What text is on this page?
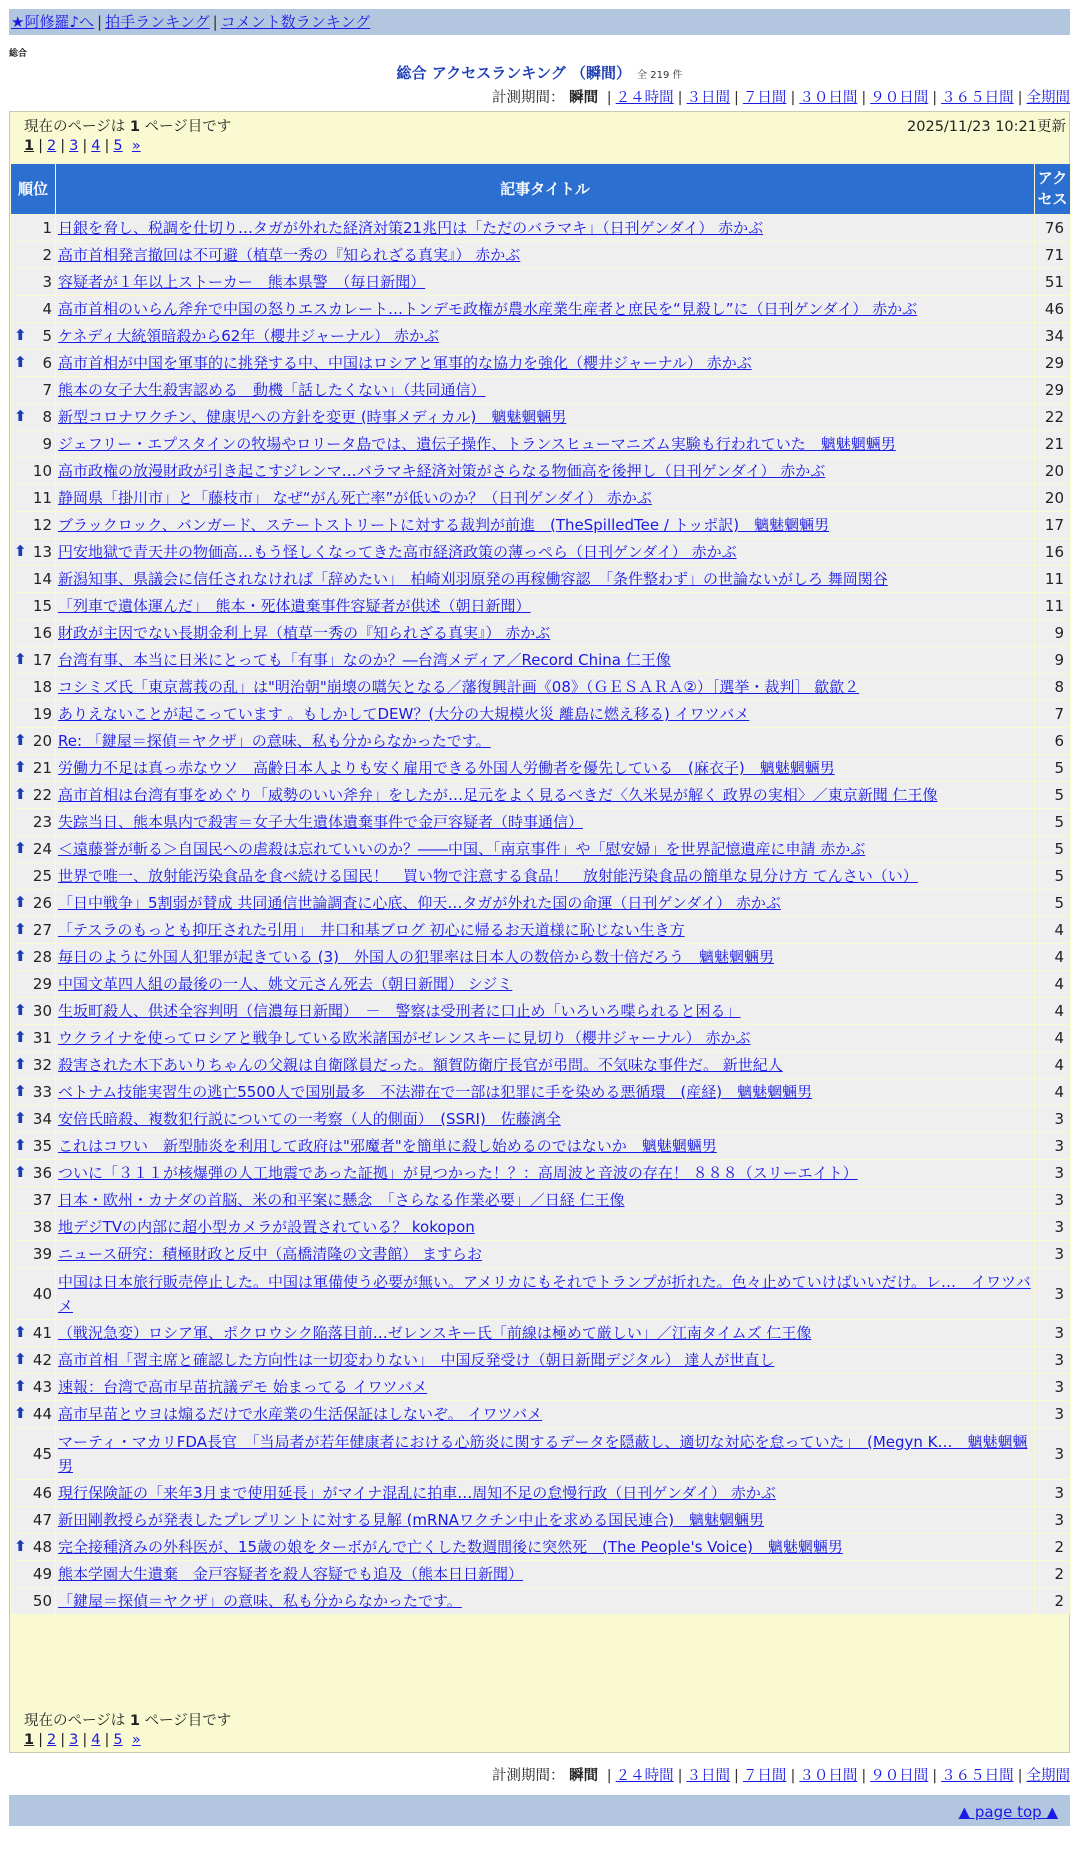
★阿修羅♪へ | 拍手ランキング | コメント数ランキング
総合
総合 アクセスランキング （瞬間） 全 219 件
計測期間： 瞬間 | ２４時間 | ３日間 | ７日間 | ３０日間 | ９０日間 | ３６５日間 | 全期間
現在のページは 1 ページ目です	2025/11/23 10:21更新
1 | 2 | 3 | 4 | 5 »
順位	記事タイトル	アクセス
1	日銀を脅し、税調を仕切り…タガが外れた経済対策21兆円は「ただのバラマキ」（日刊ゲンダイ） 赤かぶ	76
2	高市首相発言撤回は不可避（植草一秀の『知られざる真実』） 赤かぶ	71
3	容疑者が１年以上ストーカー　熊本県警　（毎日新聞）	51
4	高市首相のいらん斧弁で中国の怒りエスカレート…トンデモ政権が農水産業生産者と庶民を“見殺し”に（日刊ゲンダイ） 赤かぶ	46

⬆ 5	ケネディ大統領暗殺から62年（櫻井ジャーナル） 赤かぶ	34

⬆ 6	高市首相が中国を軍事的に挑発する中、中国はロシアと軍事的な協力を強化（櫻井ジャーナル） 赤かぶ	29
7	熊本の女子大生殺害認める　動機「話したくない」（共同通信）	29

⬆ 8	新型コロナワクチン、健康児への方針を変更 (時事メディカル)　魑魅魍魎男	22
9	ジェフリー・エプスタインの牧場やロリータ島では、遺伝子操作、トランスヒューマニズム実験も行われていた　魑魅魍魎男	21
10	高市政権の放漫財政が引き起こすジレンマ…バラマキ経済対策がさらなる物価高を後押し（日刊ゲンダイ） 赤かぶ	20
11	静岡県「掛川市」と「藤枝市」 なぜ“がん死亡率”が低いのか？（日刊ゲンダイ） 赤かぶ	20
12	ブラックロック、バンガード、ステートストリートに対する裁判が前進　(TheSpilledTee / トッポ訳)　魑魅魍魎男	17

⬆ 13	円安地獄で青天井の物価高…もう怪しくなってきた高市経済政策の薄っぺら（日刊ゲンダイ） 赤かぶ	16
14	新潟知事、県議会に信任されなければ「辞めたい」　柏崎刈羽原発の再稼働容認　「条件整わず」の世論ないがしろ 舞岡関谷	11
15	「列車で遺体運んだ」　熊本・死体遺棄事件容疑者が供述（朝日新聞）	11
16	財政が主因でない長期金利上昇（植草一秀の『知られざる真実』） 赤かぶ	9

⬆ 17	台湾有事、本当に日米にとっても「有事」なのか？―台湾メディア／Record China 仁王像	9
18	コシミズ氏「東京蒿莪の乱」は"明治朝"崩壊の嚆矢となる／藩復興計画《08》（ＧＥＳＡＲＡ②）［選挙・裁判］ 歙歙２	8
19	ありえないことが起こっています 。もしかしてDEW？(大分の大規模火災 離島に燃え移る) イワツバメ	7

⬆ 20	Re: 「鍵屋＝探偵＝ヤクザ」の意味、私も分からなかったです。	6

⬆ 21	労働力不足は真っ赤なウソ　高齢日本人よりも安く雇用できる外国人労働者を優先している　(麻衣子)　魑魅魍魎男	5

⬆ 22	高市首相は台湾有事をめぐり「威勢のいい斧弁」をしたが…足元をよく見るべきだ〈久米晃が解く 政界の実相〉／東京新聞 仁王像	5
23	失踪当日、熊本県内で殺害＝女子大生遺体遺棄事件で金戸容疑者（時事通信）	5

⬆ 24	＜遠藤誉が斬る＞自国民への虐殺は忘れていいのか？――中国、「南京事件」や「慰安婦」を世界記憶遺産に申請 赤かぶ	5
25	世界で唯一、放射能汚染食品を食べ続ける国民！　買い物で注意する食品！　放射能汚染食品の簡単な見分け方 てんさい（い）	5

⬆ 26	「日中戦争」5割弱が賛成 共同通信世論調査に心底、仰天…タガが外れた国の命運（日刊ゲンダイ） 赤かぶ	5

⬆ 27	「テスラのもっとも抑圧された引用」　井口和基ブログ 初心に帰るお天道様に恥じない生き方	4

⬆ 28	毎日のように外国人犯罪が起きている (3)　外国人の犯罪率は日本人の数倍から数十倍だろう　魑魅魍魎男	4
29	中国文革四人組の最後の一人、姚文元さん死去（朝日新聞） シジミ	4

⬆ 30	生坂町殺人、供述全容判明（信濃毎日新聞）　－　警察は受刑者に口止め「いろいろ喋られると困る」	4

⬆ 31	ウクライナを使ってロシアと戦争している欧米諸国がゼレンスキーに見切り（櫻井ジャーナル） 赤かぶ	4

⬆ 32	殺害された木下あいりちゃんの父親は自衛隊員だった。額賀防衛庁長官が弔問。不気味な事件だ。 新世紀人	4

⬆ 33	ベトナム技能実習生の逃亡5500人で国別最多　不法滞在で一部は犯罪に手を染める悪循環　(産経)　魑魅魍魎男	4

⬆ 34	安倍氏暗殺、複数犯行説についての一考察（人的側面）　(SSRI)　佐藤漓全	3

⬆ 35	これはコワい　新型肺炎を利用して政府は"邪魔者"を簡単に殺し始めるのではないか　魑魅魍魎男	3

⬆ 36	ついに「３１１が核爆弾の人工地震であった証拠」が見つかった！？：高周波と音波の存在！ ８８８（スリーエイト）	3
37	日本・欧州・カナダの首脳、米の和平案に懸念　「さらなる作業必要」／日経 仁王像	3
38	地デジTVの内部に超小型カメラが設置されている？ kokopon	3
39	ニュース研究：積極財政と反中（高橋清隆の文書館） ますらお	3
40	中国は日本旅行販売停止した。中国は軍備使う必要が無い。アメリカにもそれでトランプが折れた。色々止めていけばいいだけ。レ…　イワツバメ	3

⬆ 41	（戦況急変）ロシア軍、ポクロウシク陥落目前…ゼレンスキー氏「前線は極めて厳しい」／江南タイムズ 仁王像	3

⬆ 42	高市首相「習主席と確認した方向性は一切変わりない」　中国反発受け（朝日新聞デジタル） 達人が世直し	3

⬆ 43	速報：台湾で高市早苗抗議デモ 始まってる イワツバメ	3

⬆ 44	高市早苗とウヨは煽るだけで水産業の生活保証はしないぞ。 イワツバメ	3
45	マーティ・マカリFDA長官　「当局者が若年健康者における心筋炎に関するデータを隠蔽し、適切な対応を怠っていた」　(Megyn K…　魑魅魍魎男	3
46	現行保険証の「来年3月まで使用延長」がマイナ混乱に拍車…周知不足の怠慢行政（日刊ゲンダイ） 赤かぶ	3
47	新田剛教授らが発表したプレプリントに対する見解 (mRNAワクチン中止を求める国民連合)　魑魅魍魎男	3

⬆ 48	完全接種済みの外科医が、15歳の娘をターボがんで亡くした数週間後に突然死　(The People's Voice)　魑魅魍魎男	2
49	熊本学園大生遺棄　金戸容疑者を殺人容疑でも追及（熊本日日新聞）	2
50	「鍵屋＝探偵＝ヤクザ」の意味、私も分からなかったです。	2
現在のページは 1 ページ目です
1 | 2 | 3 | 4 | 5 »
計測期間： 瞬間 | ２４時間 | ３日間 | ７日間 | ３０日間 | ９０日間 | ３６５日間 | 全期間
▲ page top ▲
